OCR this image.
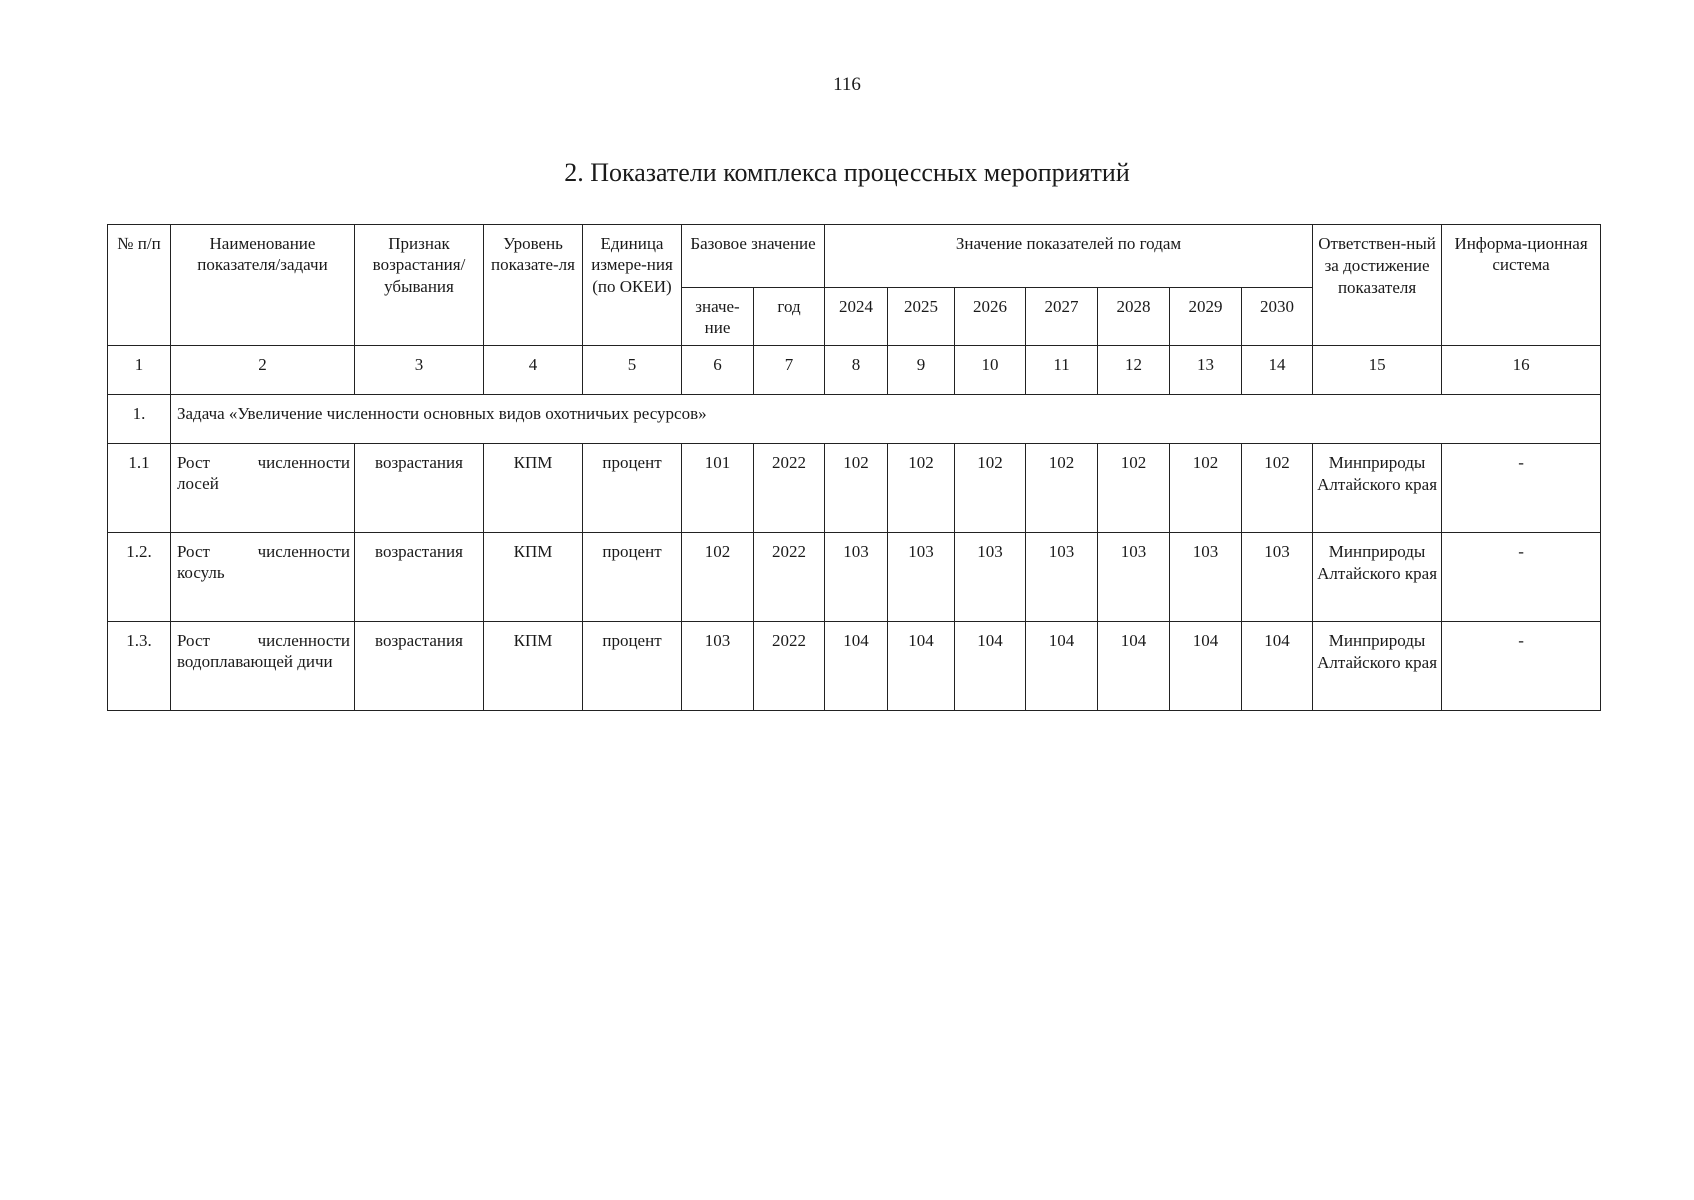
116
2. Показатели комплекса процессных мероприятий
№ п/п	Наименование показателя/задачи	Признак возрастания/ убывания	Уровень показате-ля	Единица измере-ния (по ОКЕИ)	Базовое значение		Значение показателей по годам							Ответствен-ный за достижение показателя	Информа-ционная система
					значе-ние	год	2024	2025	2026	2027	2028	2029	2030		
1	2	3	4	5	6	7	8	9	10	11	12	13	14	15	16
1.	Задача «Увеличение численности основных видов охотничьих ресурсов»														
1.1	Рост численности лосей	возрастания	КПМ	процент	101	2022	102	102	102	102	102	102	102	Минприроды Алтайского края	-
1.2.	Рост численности косуль	возрастания	КПМ	процент	102	2022	103	103	103	103	103	103	103	Минприроды Алтайского края	-
1.3.	Рост численности водоплавающей дичи	возрастания	КПМ	процент	103	2022	104	104	104	104	104	104	104	Минприроды Алтайского края	-
